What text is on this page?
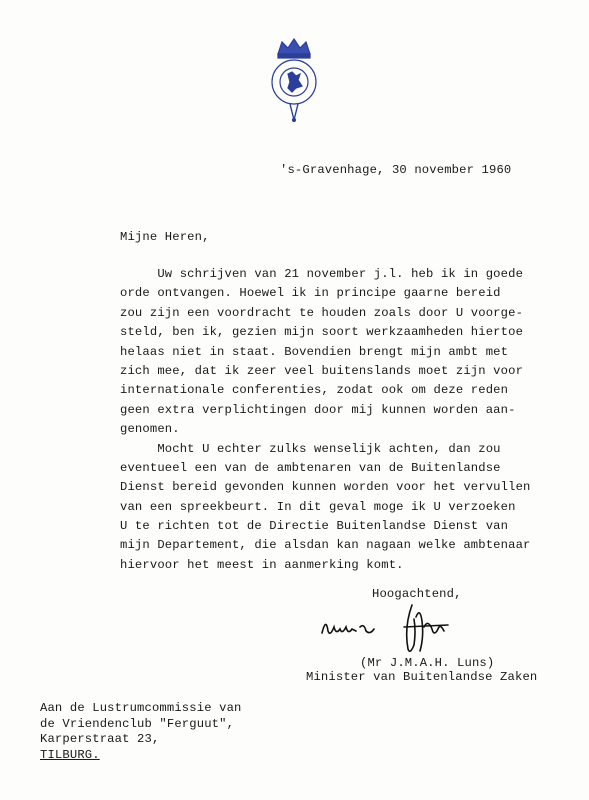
's-Gravenhage, 30 november 1960
Mijne Heren,
Uw schrijven van 21 november j.l. heb ik in goede
orde ontvangen. Hoewel ik in principe gaarne bereid
zou zijn een voordracht te houden zoals door U voorge-
steld, ben ik, gezien mijn soort werkzaamheden hiertoe
helaas niet in staat. Bovendien brengt mijn ambt met
zich mee, dat ik zeer veel buitenslands moet zijn voor
internationale conferenties, zodat ook om deze reden
geen extra verplichtingen door mij kunnen worden aan-
genomen.
Mocht U echter zulks wenselijk achten, dan zou
eventueel een van de ambtenaren van de Buitenlandse
Dienst bereid gevonden kunnen worden voor het vervullen
van een spreekbeurt. In dit geval moge ik U verzoeken
U te richten tot de Directie Buitenlandse Dienst van
mijn Departement, die alsdan kan nagaan welke ambtenaar
hiervoor het meest in aanmerking komt.
Hoogachtend,
(Mr J.M.A.H. Luns)
Minister van Buitenlandse Zaken
Aan de Lustrumcommissie van
de Vriendenclub "Ferguut",
Karperstraat 23,
TILBURG.
